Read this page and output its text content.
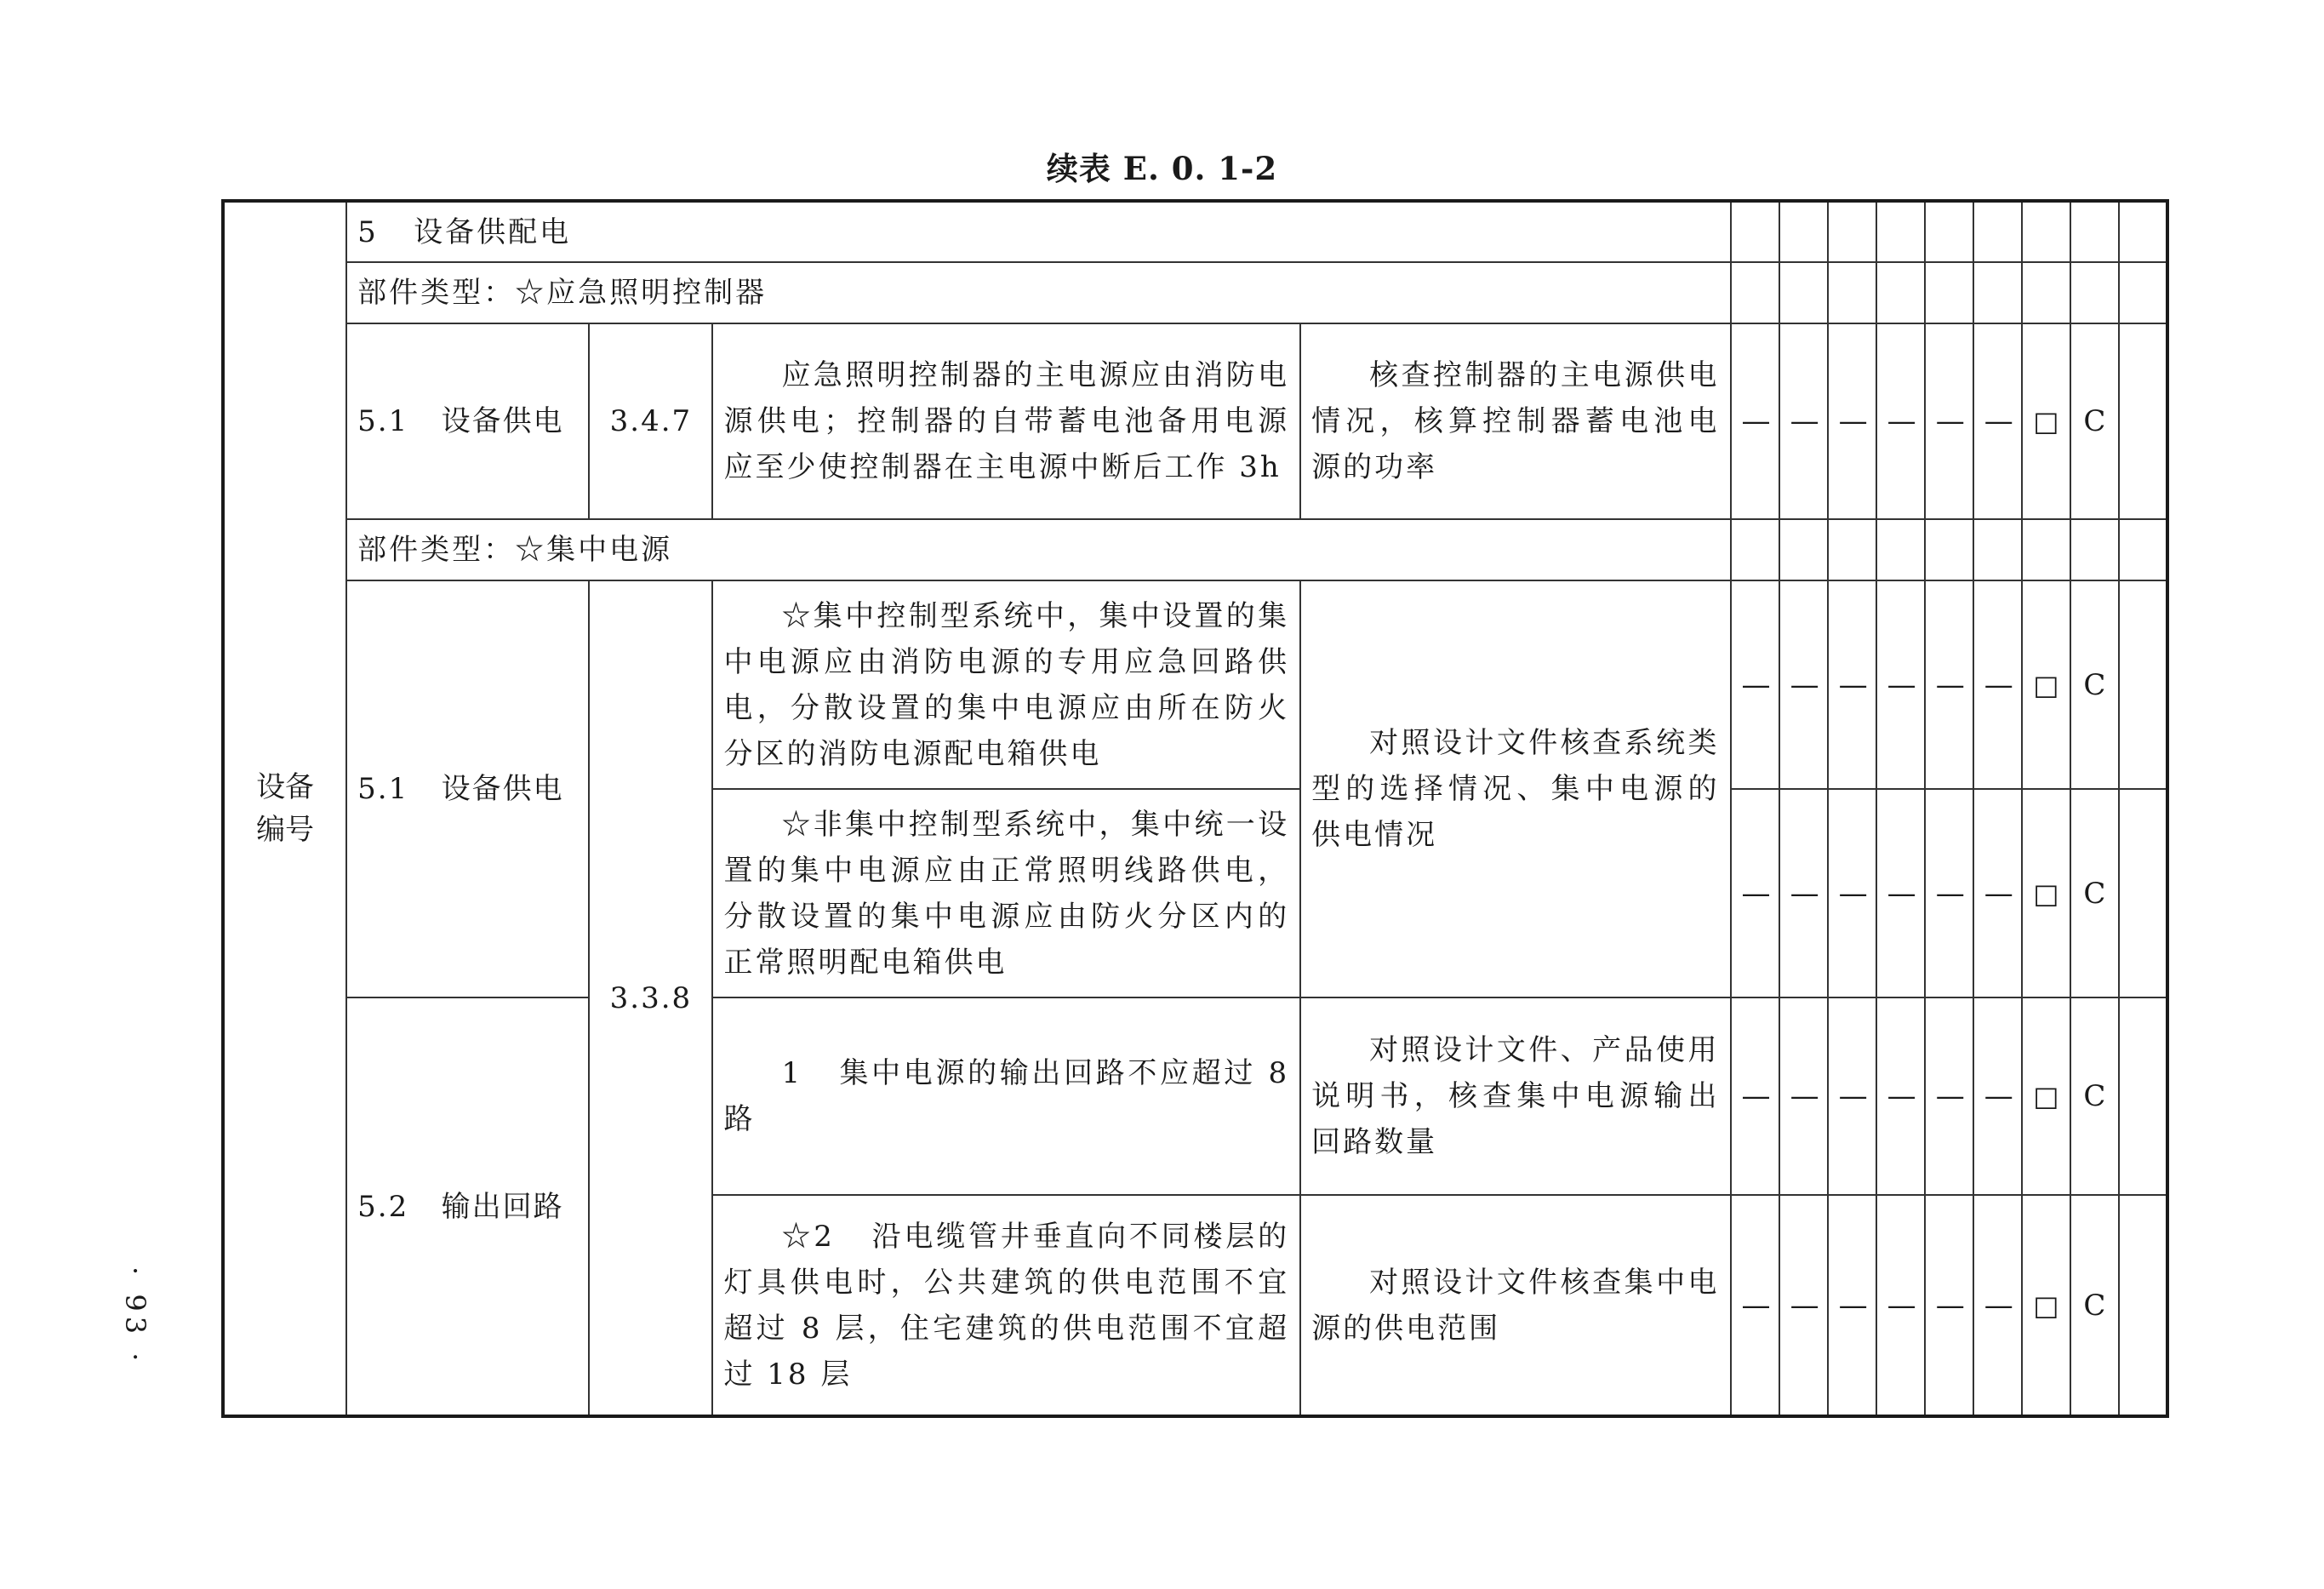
续表 E. 0. 1-2
设备
编号	5   设备供配电												
	部件类型：☆应急照明控制器												
	5.1   设备供电	3.4.7	应急照明控制器的主电源应由消防电源供电；控制器的自带蓄电池备用电源应至少使控制器在主电源中断后工作 3h	核查控制器的主电源供电情况，核算控制器蓄电池电源的功率	—	—	—	—	—	—	□	C	
	部件类型：☆集中电源												
	5.1   设备供电	3.3.8	☆集中控制型系统中，集中设置的集中电源应由消防电源的专用应急回路供电，分散设置的集中电源应由所在防火分区的消防电源配电箱供电	对照设计文件核查系统类型的选择情况、集中电源的供电情况	—	—	—	—	—	—	□	C	

			☆非集中控制型系统中，集中统一设置的集中电源应由正常照明线路供电，分散设置的集中电源应由防火分区内的正常照明配电箱供电		—	—	—	—	—	—	□	C	
	5.2   输出回路		1   集中电源的输出回路不应超过 8 路	对照设计文件、产品使用说明书，核查集中电源输出回路数量	—	—	—	—	—	—	□	C	

			☆2   沿电缆管井垂直向不同楼层的灯具供电时，公共建筑的供电范围不宜超过 8 层，住宅建筑的供电范围不宜超过 18 层	对照设计文件核查集中电源的供电范围	—	—	—	—	—	—	□	C	
· 93 ·
